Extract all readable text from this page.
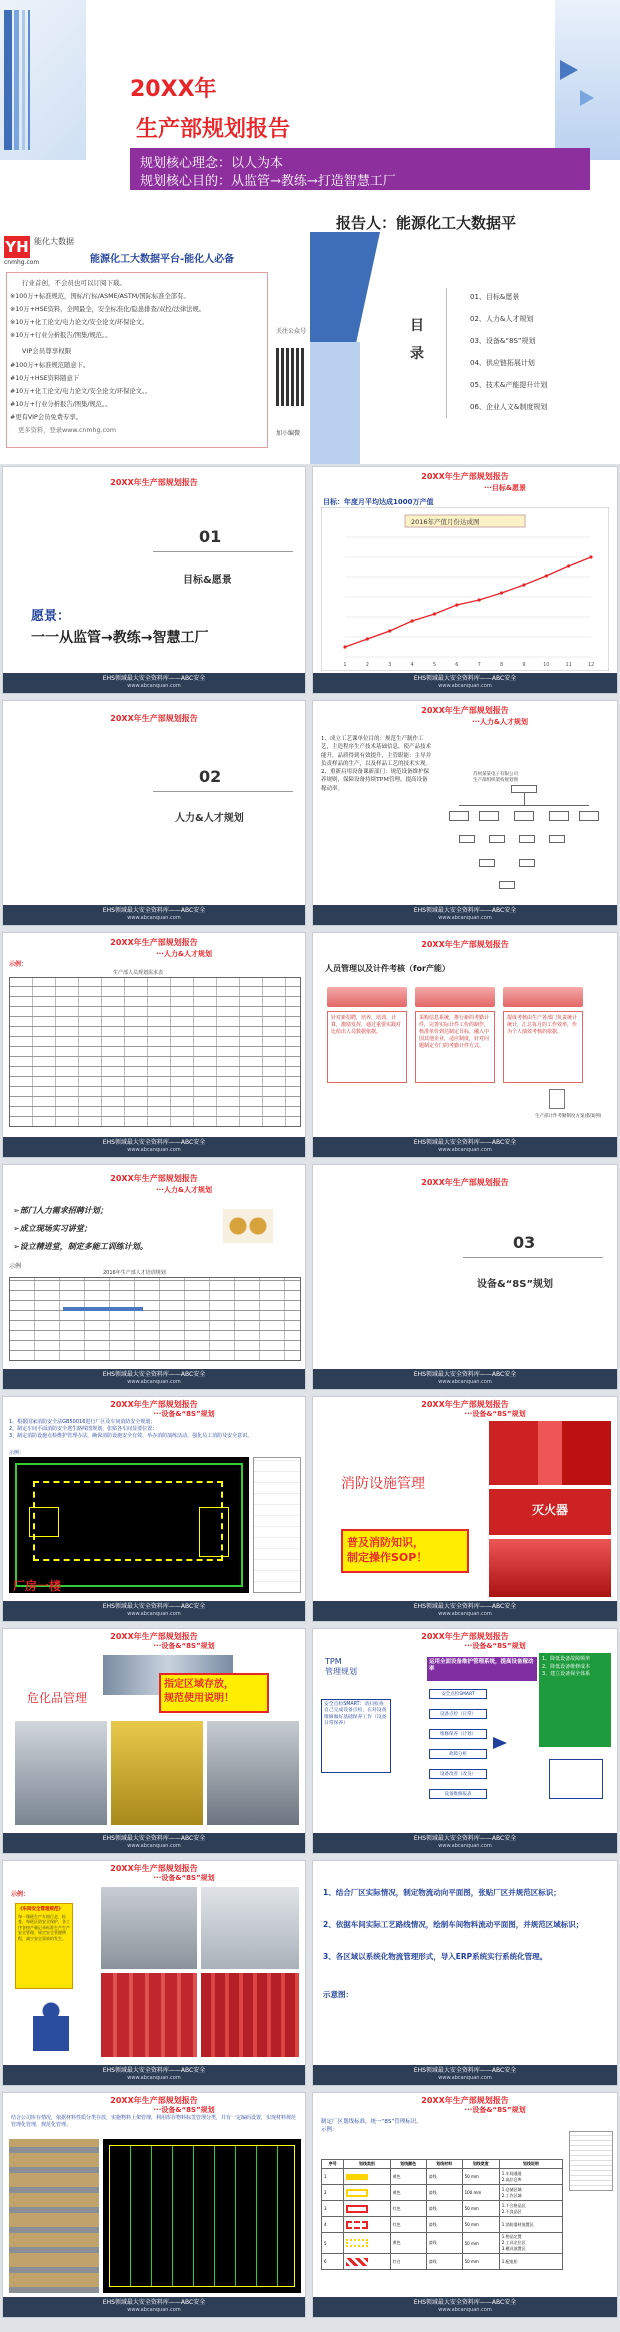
20XX年
生产部规划报告
规划核心理念：以人为本
规划核心目的：从监管→教练→打造智慧工厂
报告人：能源化工大数据平
YH 能化大数据
cnmhg.com	能源化工大数据平台-能化人必备
行业首创，不会员也可以订阅下载。
※100万+标准规范，国标/行标/ASME/ASTM/国际标准全部有。
※10万+HSE资料，全网最全，安全标准化/隐患排查/双控/法律法规。
※10万+化工论文/电力论文/安全论文/环保论文。
※10万+行业分析报告/图集/规范。。
VIP会员尊享权限
#100万+标准规范随意下。
#10万+HSE资料随意下
#10万+化工论文/电力论文/安全论文/环保论文。。
#10万+行业分析报告/图集/规范。。
#更有VIP会员免费专享。
更多资料，登录www.cnmhg.com
关注公众号
加小编微
目
录
01、目标&愿景
02、人力&人才规划
03、设备&“8S”规划
04、供应链拓展计划
05、技术&产能提升计划
06、企业人文&制度规划
20XX年生产部规划报告
01
目标&愿景
愿景：
一一从监管→教练→智慧工厂
EHS领域最大安全资料库——ABC安全
www.abcanquan.com
20XX年生产部规划报告
···目标&愿景
目标：年度月平均达成1000万产值
2016年产值月份达成图
1	2	3	4	5	6	7	8	9	10	11	12
EHS领域最大安全资料库——ABC安全
www.abcanquan.com
20XX年生产部规划报告
02
人力&人才规划
EHS领域最大安全资料库——ABC安全
www.abcanquan.com
20XX年生产部规划报告
···人力&人才规划
1、成立工艺课单位目的：规范生产制作工艺，主造程序生产技术基础信息，使产品技术能升，品质得到有效提升，主管职能：主导并负责样品的生产，以及样品工艺的技术实现。
2、重新启用设备课新部门：规范设备维护保养规则，保障设备持续TPM管理，提高设备稼动率。
苏州某某电子有限公司
生产部组织架构规划图
EHS领域最大安全资料库——ABC安全
www.abcanquan.com
20XX年生产部规划报告
···人力&人才规划
示例：
生产部人员规划需求表
EHS领域最大安全资料库——ABC安全
www.abcanquan.com
20XX年生产部规划报告
人员管理以及计件考核（for产能）
针对新招聘，培养，培训，计算，激励发挥，通过重要实践对比给出人员数据依据。
采购信息系统，推行新的考勤计件，完善实际计件工价的制作，核准单价到达制定目标，融入中国其他企业，适应制度，针对问题制定专门的考勤计件方式。
提成考核由生产各部门负责统计统计，汇总每月的工作效率，作为个人绩效考核的依据。
生产部计件考勤制度方案(假案例)
EHS领域最大安全资料库——ABC安全
www.abcanquan.com
20XX年生产部规划报告
···人力&人才规划
➢部门人力需求招聘计划；
➢成立现场实习讲堂；
➢设立精进堂，制定多能工训练计划。
示例
2016年生产部人才培训规划
EHS领域最大安全资料库——ABC安全
www.abcanquan.com
20XX年生产部规划报告
03
设备&“8S”规划
EHS领域最大安全资料库——ABC安全
www.abcanquan.com
20XX年生产部规划报告
···设备&“8S”规划
1、根据国家消防安全法GB50016进行厂区及车间消防安全规划；
2、制定车间平面消防安全逃生路线图规划，张贴各车间显要位置；
3、制定消防设施点检维护管理办法，确保消防设施安全有效，举办消防演练活动，强化员工消防及安全意识。
示例：
厂房一楼
EHS领域最大安全资料库——ABC安全
www.abcanquan.com
20XX年生产部规划报告
···设备&“8S”规划
消防设施管理
普及消防知识，
制定操作SOP！
灭火器
EHS领域最大安全资料库——ABC安全
www.abcanquan.com
20XX年生产部规划报告
···设备&“8S”规划
危化品管理
指定区域存放，
规范使用说明！
EHS领域最大安全资料库——ABC安全
www.abcanquan.com
20XX年生产部规划报告
···设备&“8S”规划
TPM
管理规划
运用全面设备维护管理系统，提高设备稼动率
安全点检SMART：清扫检查自己完成设备点检，在对设备维修做好基础保养工作（设备日常保养）
安全点检SMART
设备点检（日常）
维修保养（计划）
故障分析
设备改善（改良）
设备维修报表
1、降低设备故障频率
2、降低设备维修成本
3、建立设备保全体系
EHS领域最大安全资料库——ABC安全
www.abcanquan.com
20XX年生产部规划报告
···设备&“8S”规划
示例：
《车间安全管理规范》
每一课班生产车间行走，检查，每班区防安全保护，各工序各按产量记录标准生产生产安全管理，规定安全管理例程，减少安全事故的发生。
EHS领域最大安全资料库——ABC安全
www.abcanquan.com
1、结合厂区实际情况，制定物流动向平面图，张贴厂区并规范区标识；
2、依据车间实际工艺路线情况，绘制车间物料流动平面图，并规范区域标识；
3、各区域以系统化物流管理形式，导入ERP系统实行系统化管理。
示意图：
EHS领域最大安全资料库——ABC安全
www.abcanquan.com
20XX年生产部规划报告
···设备&“8S”规划
结合公司库存情况，依据材料性质分类存放，实施物料上架管理，利用库存物料标签管理分类，并有一定编码设置，实现材料规范管理化管理，规范化管理。
EHS领域最大安全资料库——ABC安全
www.abcanquan.com
20XX年生产部规划报告
···设备&“8S”规划
制定厂区划线标准，统一“8S”管理标识。
示例：
序号	划线类别	划线颜色	划线材料	划线宽度	划线说明
1		黄色	漆线	50 mm	1.车间通道
2.高位仓库
2		黄色	漆线	100 mm	1.仓储区域
2.工作区域
3		红色	漆线	50 mm	1.不合格品区
2.不良品区
4		红色	漆线	50 mm	1.消防器材放置区
5		黄色	漆线	50 mm	1.物品定置
2.工具定位区
3.模具放置区
6		红白	漆线	50 mm	1.配电柜
EHS领域最大安全资料库——ABC安全
www.abcanquan.com
